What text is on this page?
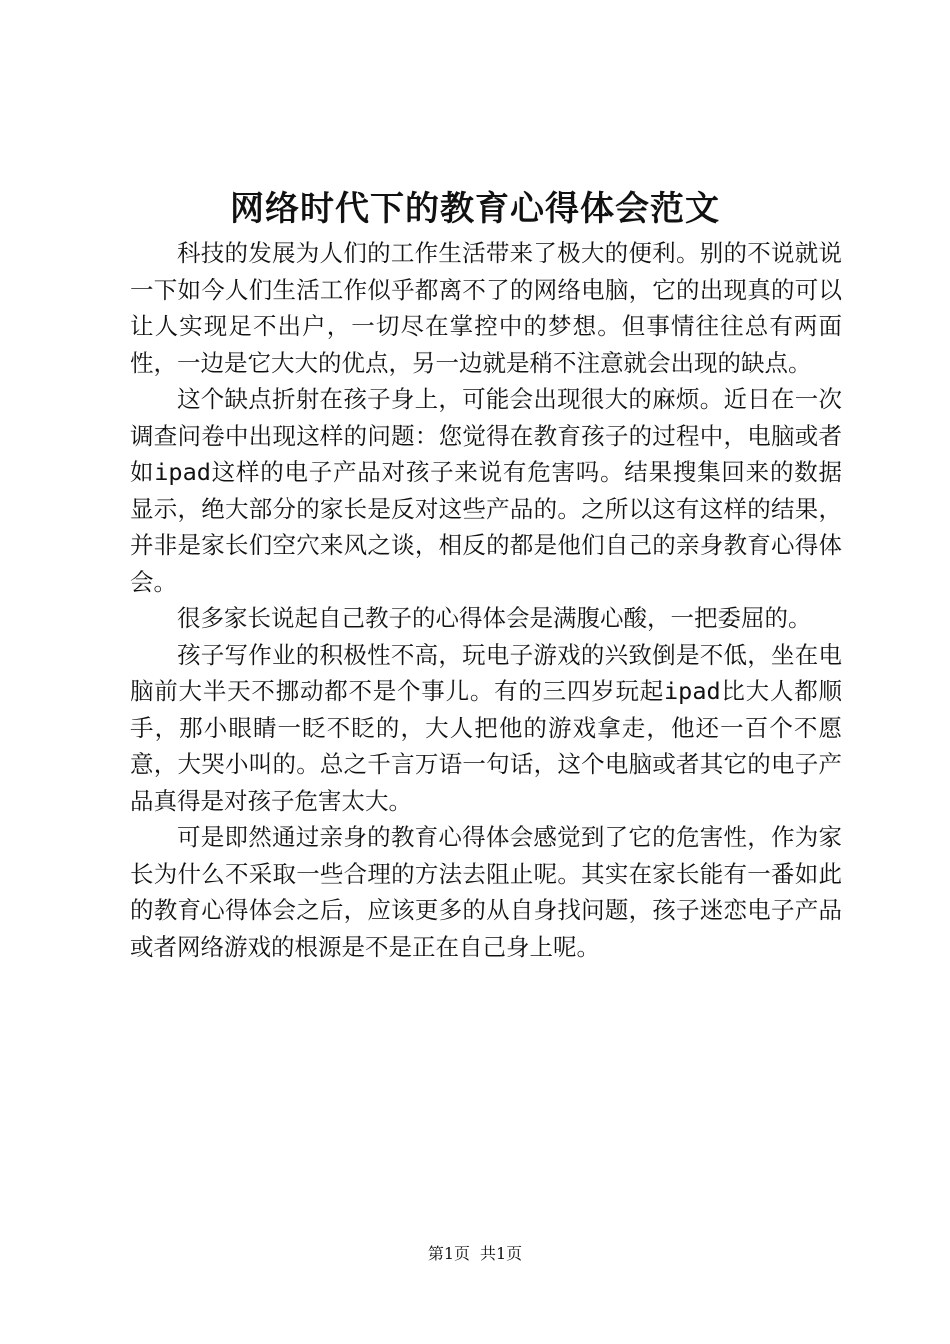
网络时代下的教育心得体会范文

科技的发展为人们的工作生活带来了极大的便利。别的不说就说一下如今人们生活工作似乎都离不了的网络电脑，它的出现真的可以让人实现足不出户，一切尽在掌控中的梦想。但事情往往总有两面性，一边是它大大的优点，另一边就是稍不注意就会出现的缺点。

这个缺点折射在孩子身上，可能会出现很大的麻烦。近日在一次调查问卷中出现这样的问题：您觉得在教育孩子的过程中，电脑或者如ipad这样的电子产品对孩子来说有危害吗。结果搜集回来的数据显示，绝大部分的家长是反对这些产品的。之所以这有这样的结果，并非是家长们空穴来风之谈，相反的都是他们自己的亲身教育心得体会。

很多家长说起自己教子的心得体会是满腹心酸，一把委屈的。

孩子写作业的积极性不高，玩电子游戏的兴致倒是不低，坐在电脑前大半天不挪动都不是个事儿。有的三四岁玩起ipad比大人都顺手，那小眼睛一眨不眨的，大人把他的游戏拿走，他还一百个不愿意，大哭小叫的。总之千言万语一句话，这个电脑或者其它的电子产品真得是对孩子危害太大。

可是即然通过亲身的教育心得体会感觉到了它的危害性，作为家长为什么不采取一些合理的方法去阻止呢。其实在家长能有一番如此的教育心得体会之后，应该更多的从自身找问题，孩子迷恋电子产品或者网络游戏的根源是不是正在自己身上呢。

第1页 共1页
